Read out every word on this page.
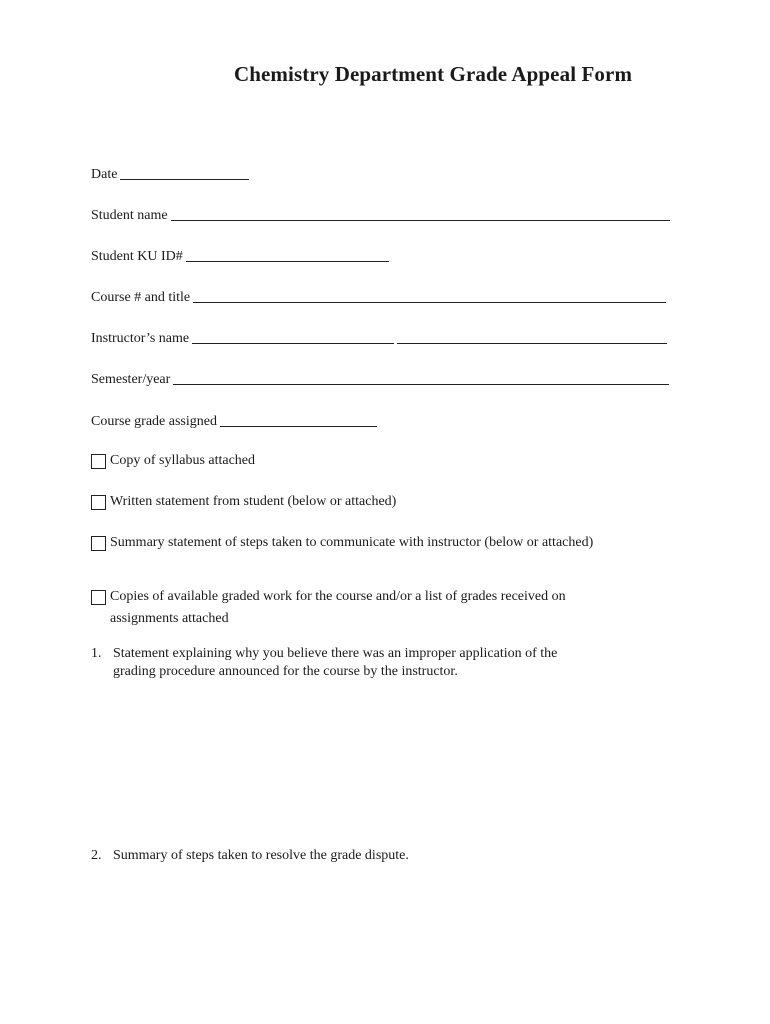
Chemistry Department Grade Appeal Form
Date
Student name
Student KU ID#
Course # and title
Instructor’s name
Semester/year
Course grade assigned
Copy of syllabus attached
Written statement from student (below or attached)
Summary statement of steps taken to communicate with instructor (below or attached)
Copies of available graded work for the course and/or a list of grades received on
assignments attached
1. Statement explaining why you believe there was an improper application of the
grading procedure announced for the course by the instructor.
2. Summary of steps taken to resolve the grade dispute.
